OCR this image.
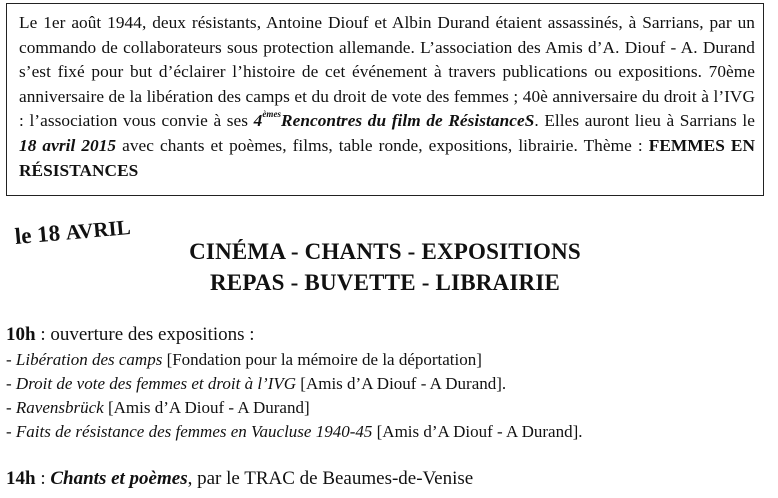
Le 1er août 1944, deux résistants, Antoine Diouf et Albin Durand étaient assassinés, à Sarrians, par un commando de collaborateurs sous protection allemande. L’association des Amis d’A. Diouf - A. Durand s’est fixé pour but d’éclairer l’histoire de cet événement à travers publications ou expositions. 70ème anniversaire de la libération des camps et du droit de vote des femmes ; 40è anniversaire du droit à l’IVG : l’association vous convie à ses 4èmesRencontres du film de RésistanceS. Elles auront lieu à Sarrians le 18 avril 2015 avec chants et poèmes, films, table ronde, expositions, librairie. Thème : FEMMES EN RÉSISTANCES

le 18 AVRIL
CINÉMA - CHANTS - EXPOSITIONS
REPAS - BUVETTE - LIBRAIRIE
10h : ouverture des expositions :
- Libération des camps [Fondation pour la mémoire de la déportation]
- Droit de vote des femmes et droit à l’IVG [Amis d’A Diouf - A Durand].
- Ravensbrück [Amis d’A Diouf - A Durand]
- Faits de résistance des femmes en Vaucluse 1940-45 [Amis d’A Diouf - A Durand].
14h : Chants et poèmes, par le TRAC de Beaumes-de-Venise
